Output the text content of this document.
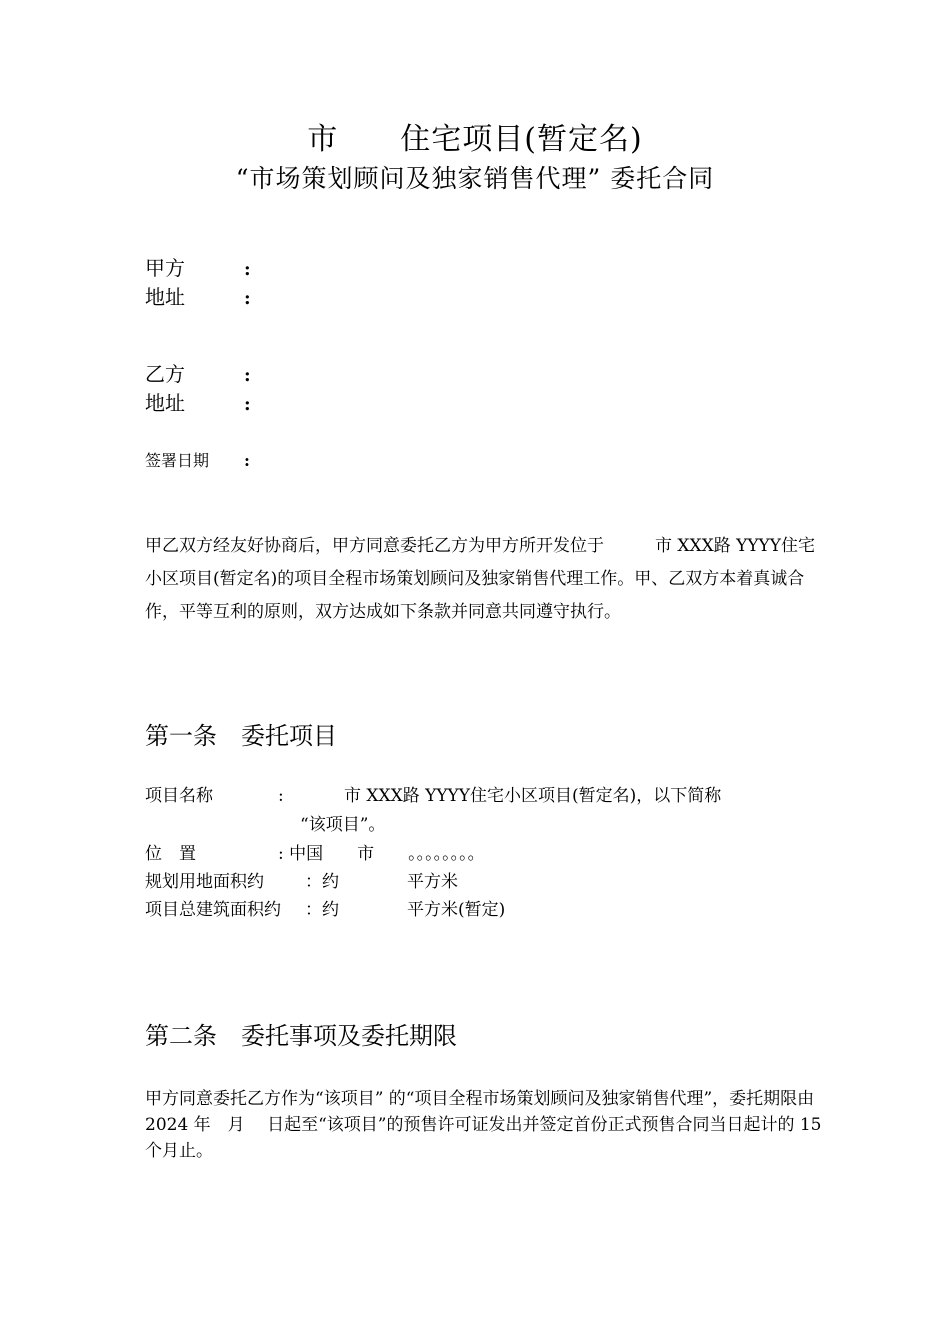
市　　住宅项目(暂定名)
“市场策划顾问及独家销售代理” 委托合同
甲方	:
地址	:
乙方	:
地址	:
签署日期 :
甲乙双方经友好协商后，甲方同意委托乙方为甲方所开发位于　　　市 XXX路 YYYY住宅小区项目(暂定名)的项目全程市场策划顾问及独家销售代理工作。甲、乙双方本着真诚合作，平等互利的原则，双方达成如下条款并同意共同遵守执行。
第一条　委托项目
项目名称	: 　　市 XXX路 YYYY住宅小区项目(暂定名)，以下简称
“该项目”。
位　置	: 中国　　市　　。。。。。。。。
规划用地面积约 ：约　　　　平方米
项目总建筑面积约 ：约　　　　平方米(暂定)
第二条　委托事项及委托期限
甲方同意委托乙方作为“该项目” 的“项目全程市场策划顾问及独家销售代理”，委托期限由 2024 年　月　 日起至“该项目”的预售许可证发出并签定首份正式预售合同当日起计的 15 个月止。
